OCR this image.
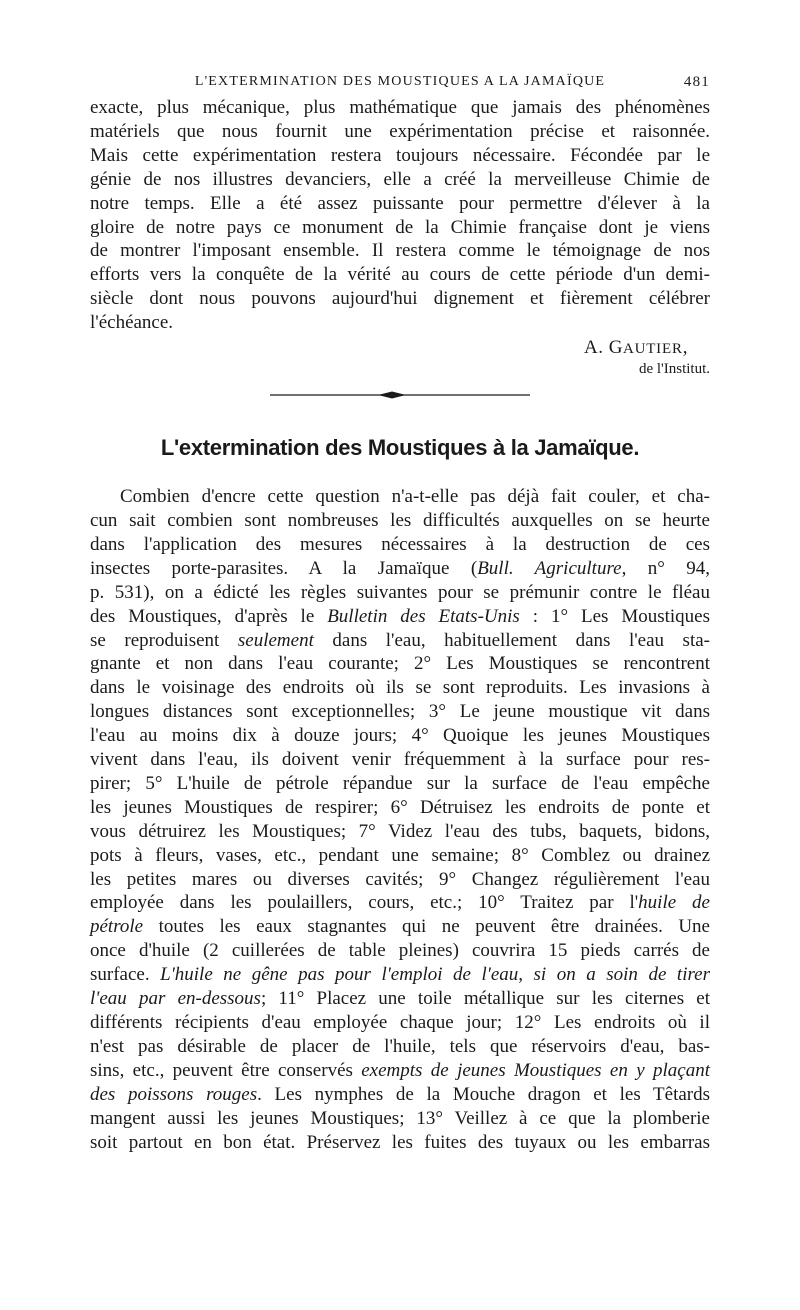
L'EXTERMINATION DES MOUSTIQUES A LA JAMAÏQUE	481

exacte, plus mécanique, plus mathématique que jamais des phénomènes
matériels que nous fournit une expérimentation précise et raisonnée.
Mais cette expérimentation restera toujours nécessaire. Fécondée par le
génie de nos illustres devanciers, elle a créé la merveilleuse Chimie de
notre temps. Elle a été assez puissante pour permettre d'élever à la
gloire de notre pays ce monument de la Chimie française dont je viens
de montrer l'imposant ensemble. Il restera comme le témoignage de nos
efforts vers la conquête de la vérité au cours de cette période d'un demi-
siècle dont nous pouvons aujourd'hui dignement et fièrement célébrer
l'échéance.

A. GAUTIER,
de l'Institut.
L'extermination des Moustiques à la Jamaïque.

Combien d'encre cette question n'a-t-elle pas déjà fait couler, et cha-
cun sait combien sont nombreuses les difficultés auxquelles on se heurte
dans l'application des mesures nécessaires à la destruction de ces
insectes porte-parasites. A la Jamaïque (Bull. Agriculture, n° 94,
p. 531), on a édicté les règles suivantes pour se prémunir contre le fléau
des Moustiques, d'après le Bulletin des Etats-Unis : 1° Les Moustiques
se reproduisent seulement dans l'eau, habituellement dans l'eau sta-
gnante et non dans l'eau courante; 2° Les Moustiques se rencontrent
dans le voisinage des endroits où ils se sont reproduits. Les invasions à
longues distances sont exceptionnelles; 3° Le jeune moustique vit dans
l'eau au moins dix à douze jours; 4° Quoique les jeunes Moustiques
vivent dans l'eau, ils doivent venir fréquemment à la surface pour res-
pirer; 5° L'huile de pétrole répandue sur la surface de l'eau empêche
les jeunes Moustiques de respirer; 6° Détruisez les endroits de ponte et
vous détruirez les Moustiques; 7° Videz l'eau des tubs, baquets, bidons,
pots à fleurs, vases, etc., pendant une semaine; 8° Comblez ou drainez
les petites mares ou diverses cavités; 9° Changez régulièrement l'eau
employée dans les poulaillers, cours, etc.; 10° Traitez par l'huile de
pétrole toutes les eaux stagnantes qui ne peuvent être drainées. Une
once d'huile (2 cuillerées de table pleines) couvrira 15 pieds carrés de
surface. L'huile ne gêne pas pour l'emploi de l'eau, si on a soin de tirer
l'eau par en-dessous; 11° Placez une toile métallique sur les citernes et
différents récipients d'eau employée chaque jour; 12° Les endroits où il
n'est pas désirable de placer de l'huile, tels que réservoirs d'eau, bas-
sins, etc., peuvent être conservés exempts de jeunes Moustiques en y plaçant
des poissons rouges. Les nymphes de la Mouche dragon et les Têtards
mangent aussi les jeunes Moustiques; 13° Veillez à ce que la plomberie
soit partout en bon état. Préservez les fuites des tuyaux ou les embarras
